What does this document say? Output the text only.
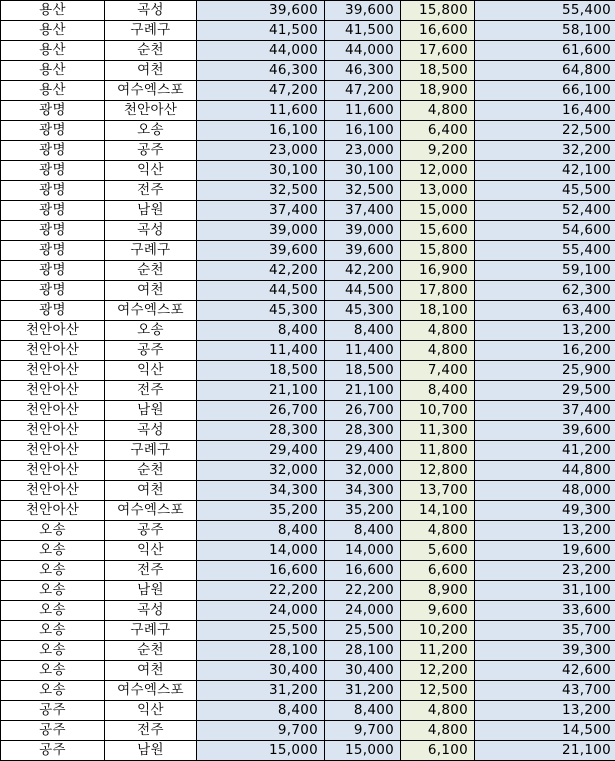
용산	곡성	39,600	39,600	15,800	55,400
용산	구례구	41,500	41,500	16,600	58,100
용산	순천	44,000	44,000	17,600	61,600
용산	여천	46,300	46,300	18,500	64,800
용산	여수엑스포	47,200	47,200	18,900	66,100
광명	천안아산	11,600	11,600	4,800	16,400
광명	오송	16,100	16,100	6,400	22,500
광명	공주	23,000	23,000	9,200	32,200
광명	익산	30,100	30,100	12,000	42,100
광명	전주	32,500	32,500	13,000	45,500
광명	남원	37,400	37,400	15,000	52,400
광명	곡성	39,000	39,000	15,600	54,600
광명	구례구	39,600	39,600	15,800	55,400
광명	순천	42,200	42,200	16,900	59,100
광명	여천	44,500	44,500	17,800	62,300
광명	여수엑스포	45,300	45,300	18,100	63,400
천안아산	오송	8,400	8,400	4,800	13,200
천안아산	공주	11,400	11,400	4,800	16,200
천안아산	익산	18,500	18,500	7,400	25,900
천안아산	전주	21,100	21,100	8,400	29,500
천안아산	남원	26,700	26,700	10,700	37,400
천안아산	곡성	28,300	28,300	11,300	39,600
천안아산	구례구	29,400	29,400	11,800	41,200
천안아산	순천	32,000	32,000	12,800	44,800
천안아산	여천	34,300	34,300	13,700	48,000
천안아산	여수엑스포	35,200	35,200	14,100	49,300
오송	공주	8,400	8,400	4,800	13,200
오송	익산	14,000	14,000	5,600	19,600
오송	전주	16,600	16,600	6,600	23,200
오송	남원	22,200	22,200	8,900	31,100
오송	곡성	24,000	24,000	9,600	33,600
오송	구례구	25,500	25,500	10,200	35,700
오송	순천	28,100	28,100	11,200	39,300
오송	여천	30,400	30,400	12,200	42,600
오송	여수엑스포	31,200	31,200	12,500	43,700
공주	익산	8,400	8,400	4,800	13,200
공주	전주	9,700	9,700	4,800	14,500
공주	남원	15,000	15,000	6,100	21,100
